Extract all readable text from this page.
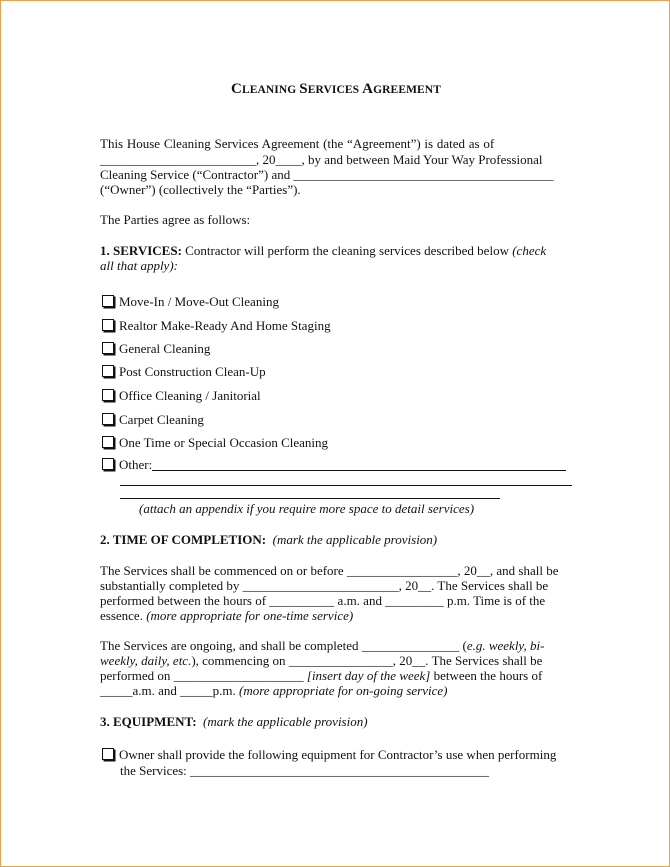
CLEANING SERVICES AGREEMENT
This House Cleaning Services Agreement (the “Agreement”) is dated as of
________________________, 20____, by and between Maid Your Way Professional
Cleaning Service (“Contractor”) and ________________________________________
(“Owner”) (collectively the “Parties”).
The Parties agree as follows:
1. SERVICES: Contractor will perform the cleaning services described below (check
all that apply):
Move-In / Move-Out Cleaning
Realtor Make-Ready And Home Staging
General Cleaning
Post Construction Clean-Up
Office Cleaning / Janitorial
Carpet Cleaning
One Time or Special Occasion Cleaning
Other:
(attach an appendix if you require more space to detail services)
2. TIME OF COMPLETION: (mark the applicable provision)
The Services shall be commenced on or before _________________, 20__, and shall be
substantially completed by ________________________, 20__. The Services shall be
performed between the hours of __________ a.m. and _________ p.m. Time is of the
essence. (more appropriate for one-time service)
The Services are ongoing, and shall be completed _______________ (e.g. weekly, bi-
weekly, daily, etc.), commencing on ________________, 20__. The Services shall be
performed on ____________________ [insert day of the week] between the hours of
_____a.m. and _____p.m. (more appropriate for on-going service)
3. EQUIPMENT: (mark the applicable provision)
Owner shall provide the following equipment for Contractor’s use when performing
the Services: ______________________________________________
